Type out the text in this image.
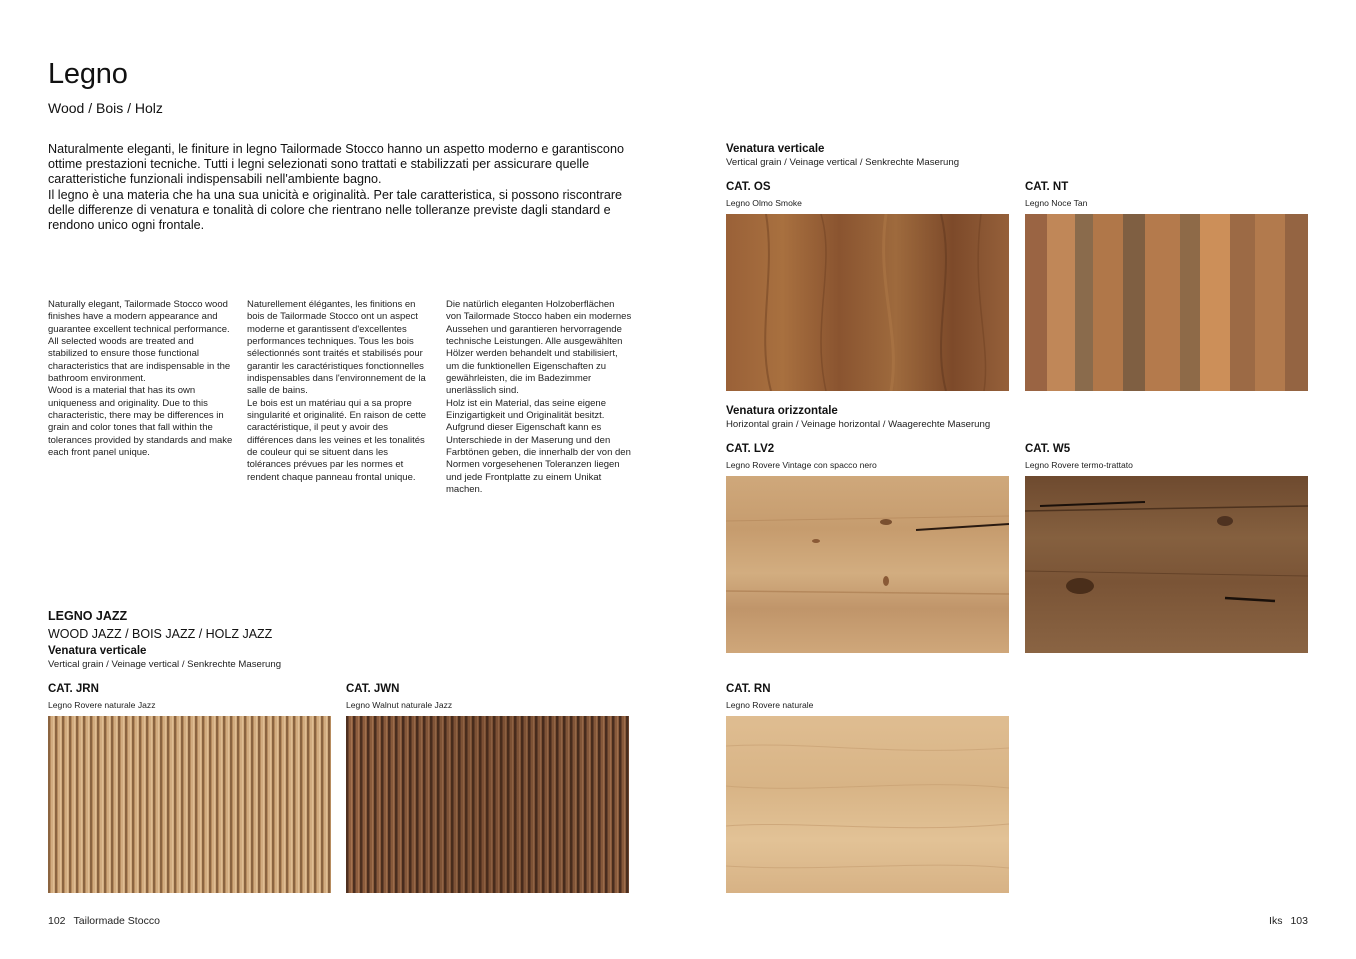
Legno
Wood / Bois / Holz

Naturalmente eleganti, le finiture in legno Tailormade Stocco hanno un aspetto moderno e garantiscono ottime prestazioni tecniche. Tutti i legni selezionati sono trattati e stabilizzati per assicurare quelle caratteristiche funzionali indispensabili nell'ambiente bagno.

Il legno è una materia che ha una sua unicità e originalità. Per tale caratteristica, si possono riscontrare delle differenze di venatura e tonalità di colore che rientrano nelle tolleranze previste dagli standard e rendono unico ogni frontale.

Naturally elegant, Tailormade Stocco wood finishes have a modern appearance and guarantee excellent technical performance. All selected woods are treated and stabilized to ensure those functional characteristics that are indispensable in the bathroom environment.

Wood is a material that has its own uniqueness and originality. Due to this characteristic, there may be differences in grain and color tones that fall within the tolerances provided by standards and make each front panel unique.

Naturellement élégantes, les finitions en bois de Tailormade Stocco ont un aspect moderne et garantissent d'excellentes performances techniques. Tous les bois sélectionnés sont traités et stabilisés pour garantir les caractéristiques fonctionnelles indispensables dans l'environnement de la salle de bains.

Le bois est un matériau qui a sa propre singularité et originalité. En raison de cette caractéristique, il peut y avoir des différences dans les veines et les tonalités de couleur qui se situent dans les tolérances prévues par les normes et rendent chaque panneau frontal unique.

Die natürlich eleganten Holzoberflächen von Tailormade Stocco haben ein modernes Aussehen und garantieren hervorragende technische Leistungen. Alle ausgewählten Hölzer werden behandelt und stabilisiert, um die funktionellen Eigenschaften zu gewährleisten, die im Badezimmer unerlässlich sind.

Holz ist ein Material, das seine eigene Einzigartigkeit und Originalität besitzt. Aufgrund dieser Eigenschaft kann es Unterschiede in der Maserung und den Farbtönen geben, die innerhalb der von den Normen vorgesehenen Toleranzen liegen und jede Frontplatte zu einem Unikat machen.

LEGNO JAZZ
WOOD JAZZ / BOIS JAZZ / HOLZ JAZZ
Venatura verticale
Vertical grain / Veinage vertical / Senkrechte Maserung
CAT. JRN
Legno Rovere naturale Jazz
CAT. JWN
Legno Walnut naturale Jazz
102 Tailormade Stocco
Venatura verticale
Vertical grain / Veinage vertical / Senkrechte Maserung
CAT. OS
Legno Olmo Smoke
CAT. NT
Legno Noce Tan
Venatura orizzontale
Horizontal grain / Veinage horizontal / Waagerechte Maserung
CAT. LV2
Legno Rovere Vintage con spacco nero
CAT. W5
Legno Rovere termo-trattato
CAT. RN
Legno Rovere naturale
Iks 103
